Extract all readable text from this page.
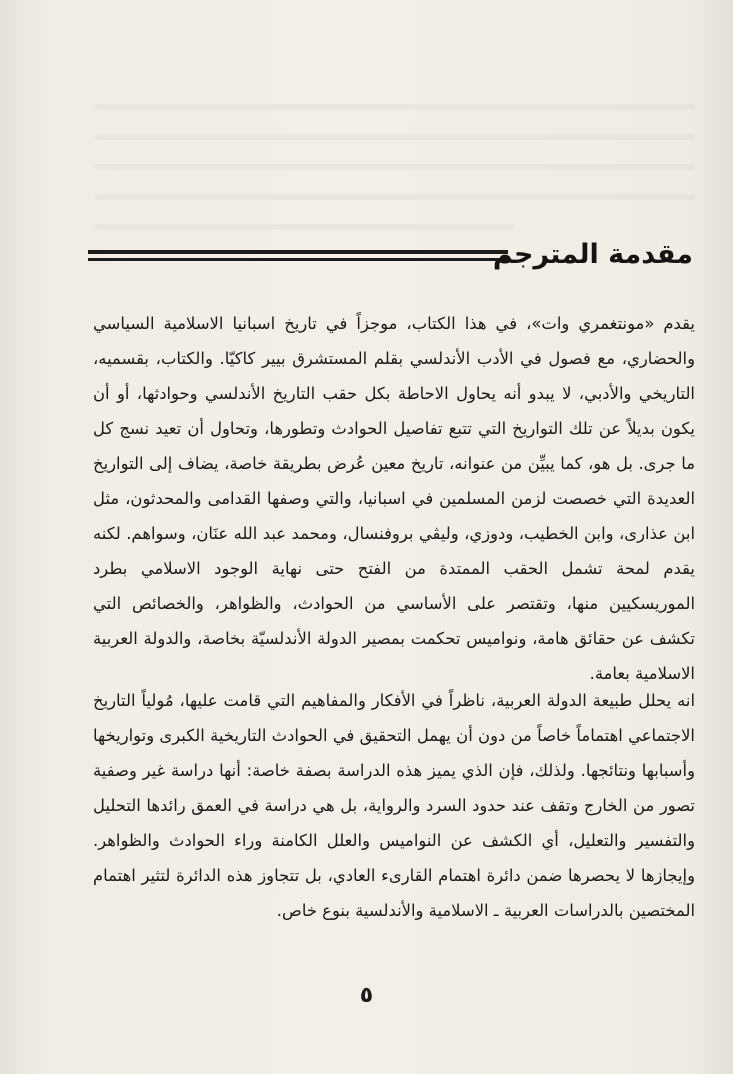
مقدمة المترجم

يقدم «مونتغمري وات»، في هذا الكتاب، موجزاً في تاريخ اسبانيا الاسلامية السياسي والحضاري، مع فصول في الأدب الأندلسي بقلم المستشرق بيير كاكيّا. والكتاب، بقسميه، التاريخي والأدبي، لا يبدو أنه يحاول الاحاطة بكل حقب التاريخ الأندلسي وحوادثها، أو أن يكون بديلاً عن تلك التواريخ التي تتبع تفاصيل الحوادث وتطورها، وتحاول أن تعيد نسج كل ما جرى. بل هو، كما يبيِّن من عنوانه، تاريخ معين عُرض بطريقة خاصة، يضاف إلى التواريخ العديدة التي خصصت لزمن المسلمين في اسبانيا، والتي وصفها القدامى والمحدثون، مثل ابن عذارى، وابن الخطيب، ودوزي، وليڤي بروفنسال، ومحمد عبد الله عنَان، وسواهم. لكنه يقدم لمحة تشمل الحقب الممتدة من الفتح حتى نهاية الوجود الاسلامي بطرد الموريسكيين منها، وتقتصر على الأساسي من الحوادث، والظواهر، والخصائص التي تكشف عن حقائق هامة، ونواميس تحكمت بمصير الدولة الأندلسيّة بخاصة، والدولة العربية الاسلامية بعامة.

انه يحلل طبيعة الدولة العربية، ناظراً في الأفكار والمفاهيم التي قامت عليها، مُولياً التاريخ الاجتماعي اهتماماً خاصاً من دون أن يهمل التحقيق في الحوادث التاريخية الكبرى وتواريخها وأسبابها ونتائجها. ولذلك، فإن الذي يميز هذه الدراسة بصفة خاصة: أنها دراسة غير وصفية تصور من الخارج وتقف عند حدود السرد والرواية، بل هي دراسة في العمق رائدها التحليل والتفسير والتعليل، أي الكشف عن النواميس والعلل الكامنة وراء الحوادث والظواهر. وإيجازها لا يحصرها ضمن دائرة اهتمام القارىء العادي، بل تتجاوز هذه الدائرة لتثير اهتمام المختصين بالدراسات العربية ـ الاسلامية والأندلسية بنوع خاص.

٥
